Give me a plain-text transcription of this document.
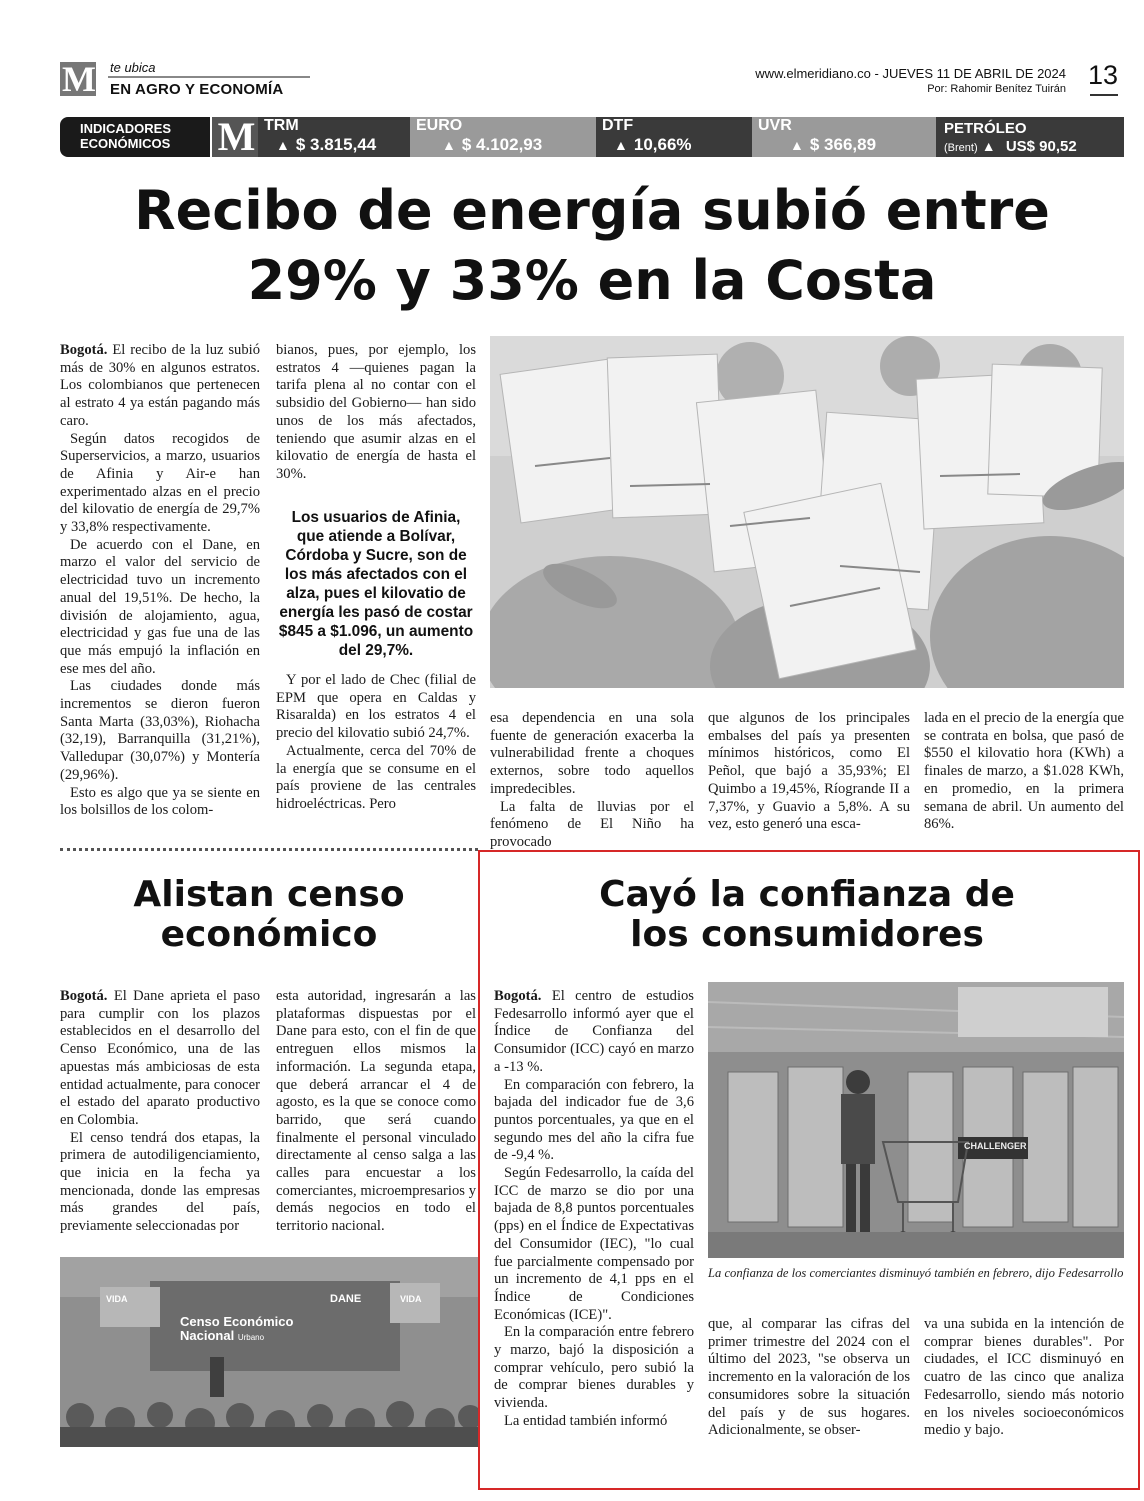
M te ubica
EN AGRO Y ECONOMÍA
www.elmeridiano.co - JUEVES 11 DE ABRIL DE 2024
Por: Rahomir Benítez Tuirán 13
INDICADORES
ECONÓMICOS	M TRM
▲ $ 3.815,44
EURO
▲ $ 4.102,93
DTF
▲ 10,66%
UVR
▲ $ 366,89
PETRÓLEO
(Brent) ▲ US$ 90,52
Recibo de energía subió entre
29% y 33% en la Costa

Bogotá. El recibo de la luz subió más de 30% en algunos estratos. Los colombianos que pertenecen al estrato 4 ya están pagando más caro.

Según datos recogidos de Superservicios, a marzo, usuarios de Afinia y Air-e han experimentado alzas en el precio del kilovatio de energía de 29,7% y 33,8% respectivamente.

De acuerdo con el Dane, en marzo el valor del servicio de electricidad tuvo un incremento anual del 19,51%. De hecho, la división de alojamiento, agua, electricidad y gas fue una de las que más empujó la inflación en ese mes del año.

Las ciudades donde más incrementos se dieron fueron Santa Marta (33,03%), Riohacha (32,19), Barranquilla (31,21%), Valledupar (30,07%) y Montería (29,96%).

Esto es algo que ya se siente en los bolsillos de los colom-

bianos, pues, por ejemplo, los estratos 4 —quienes pagan la tarifa plena al no contar con el subsidio del Gobierno— han sido unos de los más afectados, teniendo que asumir alzas en el kilovatio de energía de hasta el 30%.

Los usuarios de Afinia, que atiende a Bolívar, Córdoba y Sucre, son de los más afectados con el alza, pues el kilovatio de energía les pasó de costar $845 a $1.096, un aumento del 29,7%.

Y por el lado de Chec (filial de EPM que opera en Caldas y Risaralda) en los estratos 4 el precio del kilovatio subió 24,7%.

Actualmente, cerca del 70% de la energía que se consume en el país proviene de las centrales hidroeléctricas. Pero

esa dependencia en una sola fuente de generación exacerba la vulnerabilidad frente a choques externos, sobre todo aquellos impredecibles.

La falta de lluvias por el fenómeno de El Niño ha provocado

que algunos de los principales embalses del país ya presenten mínimos históricos, como El Peñol, que bajó a 35,93%; El Quimbo a 19,45%, Ríogrande II a 7,37%, y Guavio a 5,8%. A su vez, esto generó una esca-

lada en el precio de la energía que se contrata en bolsa, que pasó de $550 el kilovatio hora (KWh) a finales de marzo, a $1.028 KWh, en promedio, en la primera semana de abril. Un aumento del 86%.

Alistan censo
económico

Bogotá. El Dane aprieta el paso para cumplir con los plazos establecidos en el desarrollo del Censo Económico, una de las apuestas más ambiciosas de esta entidad actualmente, para conocer el estado del aparato productivo en Colombia.

El censo tendrá dos etapas, la primera de autodiligenciamiento, que inicia en la fecha ya mencionada, donde las empresas más grandes del país, previamente seleccionadas por

esta autoridad, ingresarán a las plataformas dispuestas por el Dane para esto, con el fin de que entreguen ellos mismos la información. La segunda etapa, que deberá arrancar el 4 de agosto, es la que se conoce como barrido, que será cuando finalmente el personal vinculado directamente al censo salga a las calles para encuestar a los comerciantes, microempresarios y demás negocios en todo el territorio nacional.

VIDA	VIDA
DANE
Censo Económico
Nacional Urbano
Cayó la confianza de
los consumidores

Bogotá. El centro de estudios Fedesarrollo informó ayer que el Índice de Confianza del Consumidor (ICC) cayó en marzo a -13 %.

En comparación con febrero, la bajada del indicador fue de 3,6 puntos porcentuales, ya que en el segundo mes del año la cifra fue de -9,4 %.

Según Fedesarrollo, la caída del ICC de marzo se dio por una bajada de 8,8 puntos porcentuales (pps) en el Índice de Expectativas del Consumidor (IEC), "lo cual fue parcialmente compensado por un incremento de 4,1 pps en el Índice de Condiciones Económicas (ICE)".

En la comparación entre febrero y marzo, bajó la disposición a comprar vehículo, pero subió la de comprar bienes durables y vivienda.

La entidad también informó

CHALLENGER
La confianza de los comerciantes disminuyó también en febrero, dijo Fedesarrollo

que, al comparar las cifras del primer trimestre del 2024 con el último del 2023, "se observa un incremento en la valoración de los consumidores sobre la situación del país y de sus hogares. Adicionalmente, se obser-

va una subida en la intención de comprar bienes durables". Por ciudades, el ICC disminuyó en cuatro de las cinco que analiza Fedesarrollo, siendo más notorio en los niveles socioeconómicos medio y bajo.
